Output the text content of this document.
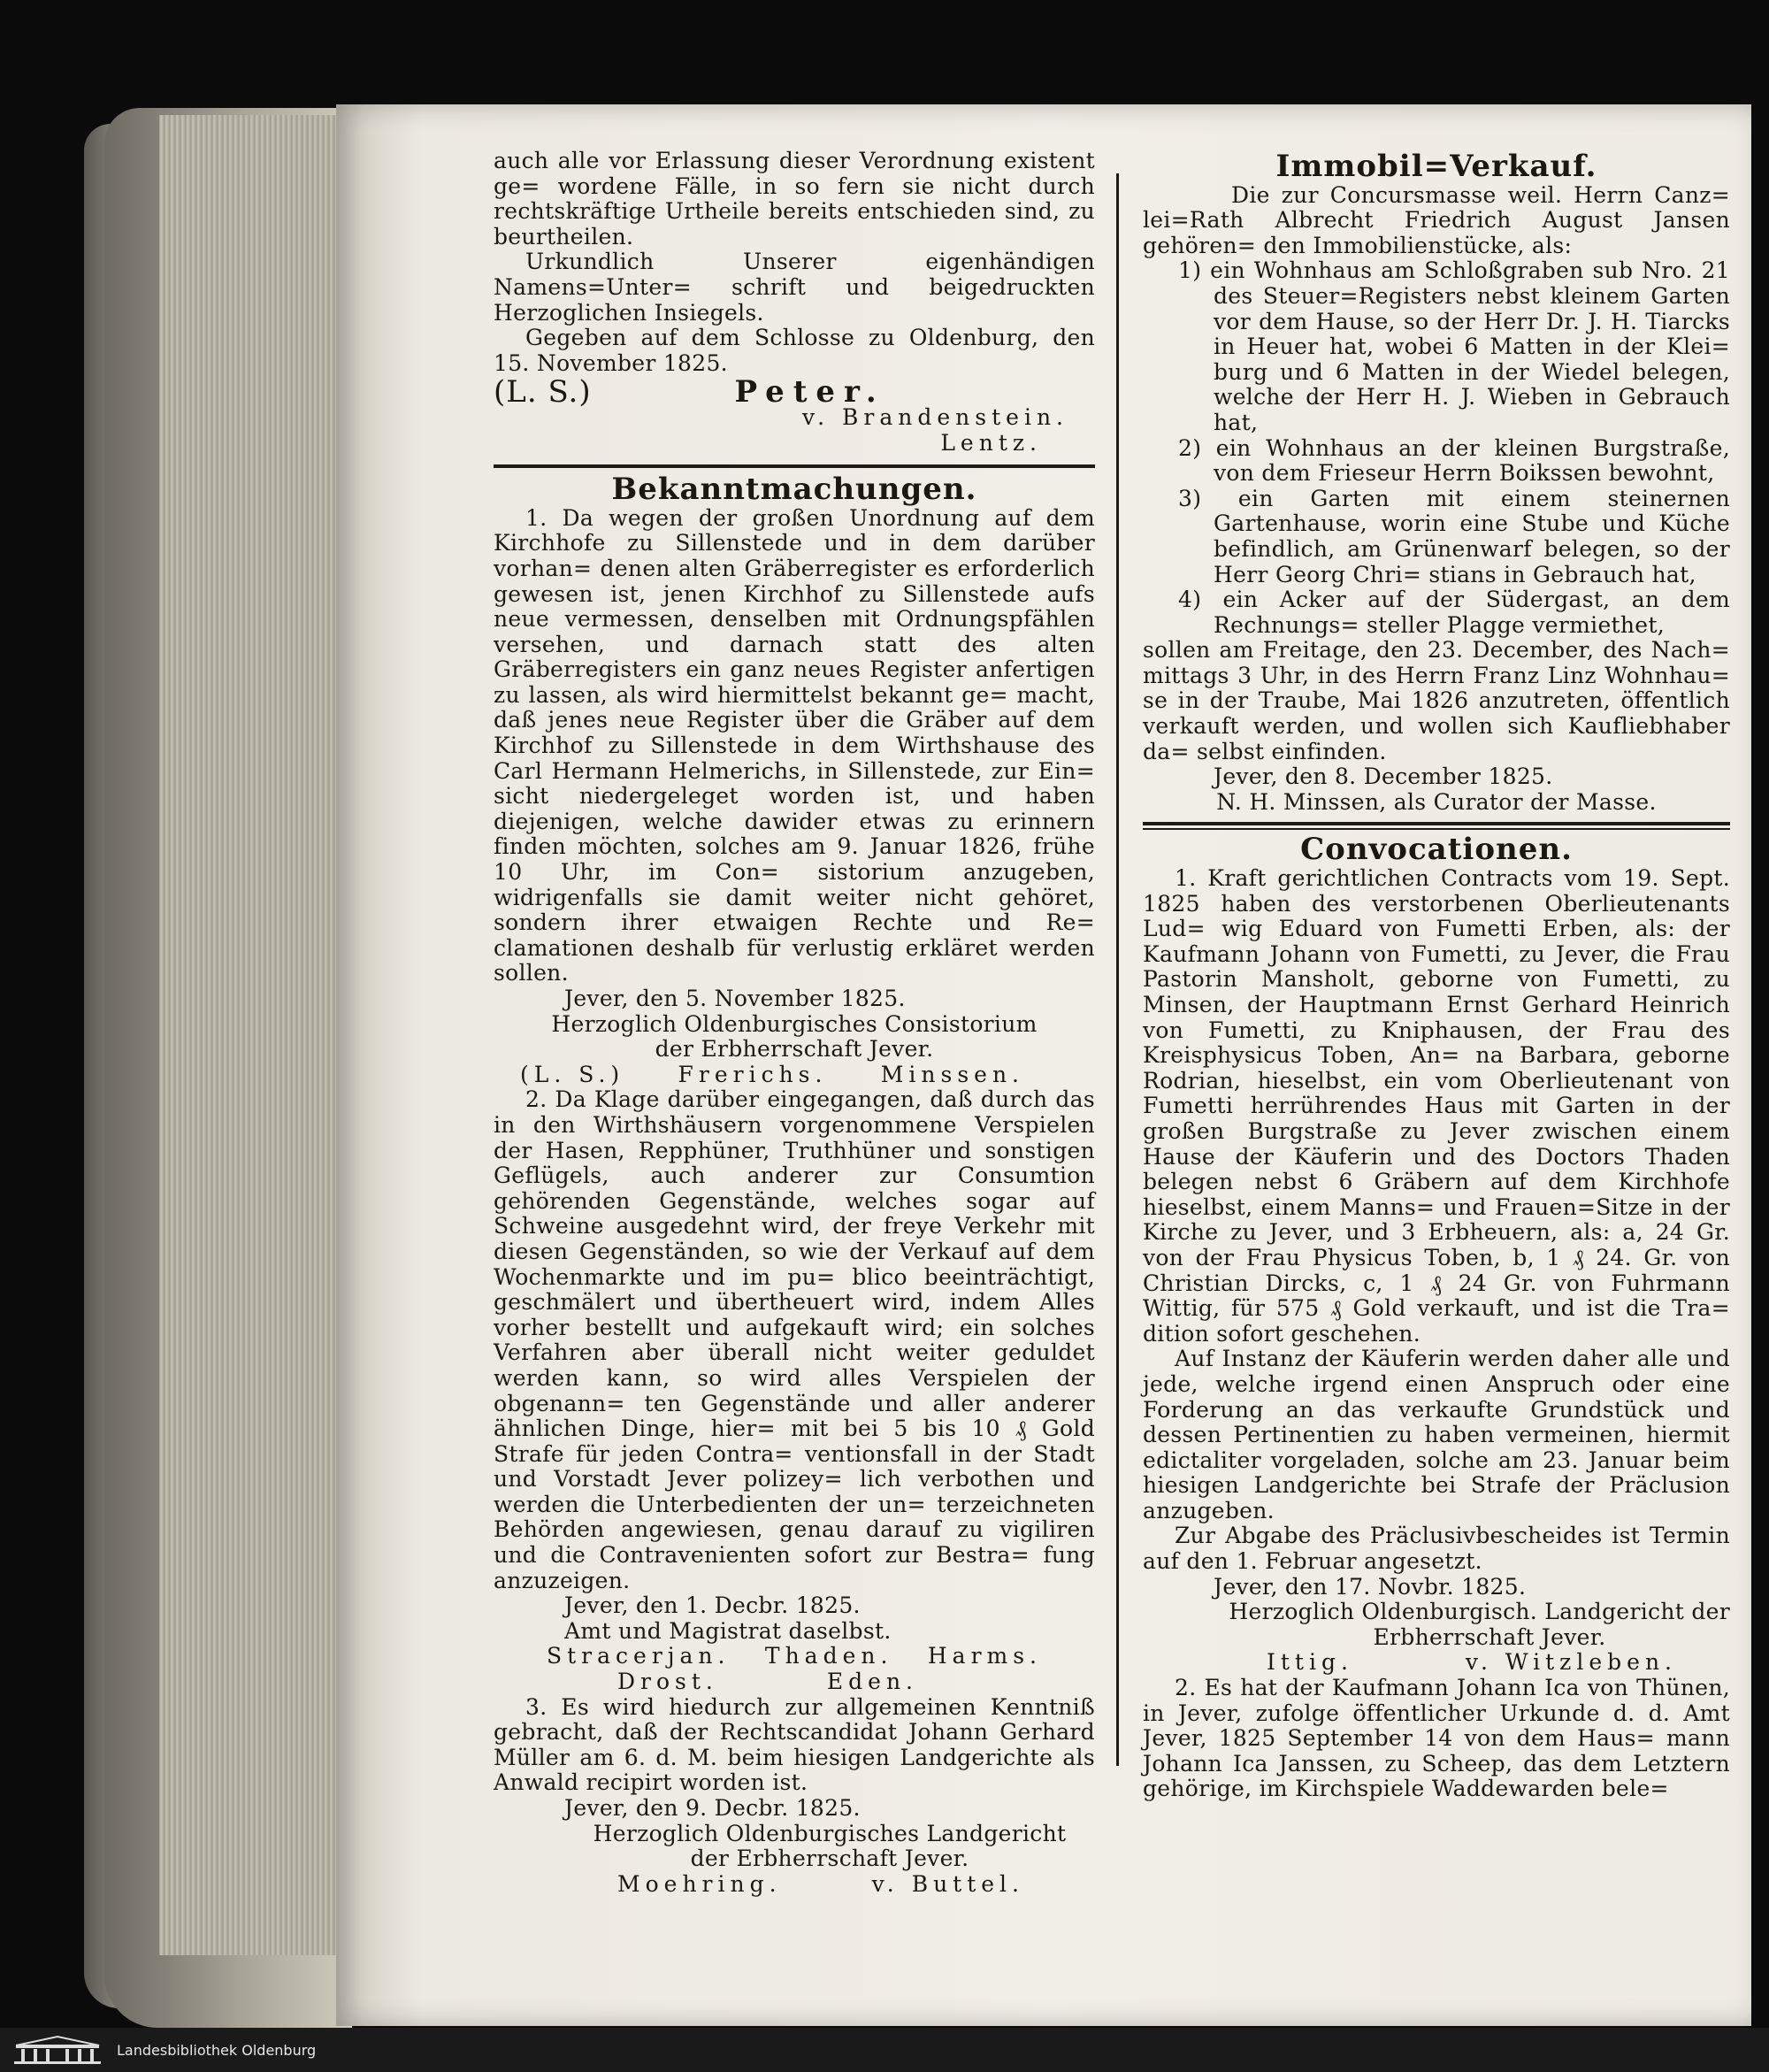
auch alle vor Erlassung dieser Verordnung existent ge= wordene Fälle, in so fern sie nicht durch rechtskräftige Urtheile bereits entschieden sind, zu beurtheilen.

Urkundlich Unserer eigenhändigen Namens=Unter= schrift und beigedruckten Herzoglichen Insiegels.

Gegeben auf dem Schlosse zu Oldenburg, den 15. November 1825.

(L. S.)	Peter.

v. Brandenstein.

Lentz.

Bekanntmachungen.

1. Da wegen der großen Unordnung auf dem Kirchhofe zu Sillenstede und in dem darüber vorhan= denen alten Gräberregister es erforderlich gewesen ist, jenen Kirchhof zu Sillenstede aufs neue vermessen, denselben mit Ordnungspfählen versehen, und darnach statt des alten Gräberregisters ein ganz neues Register anfertigen zu lassen, als wird hiermittelst bekannt ge= macht, daß jenes neue Register über die Gräber auf dem Kirchhof zu Sillenstede in dem Wirthshause des Carl Hermann Helmerichs, in Sillenstede, zur Ein= sicht niedergeleget worden ist, und haben diejenigen, welche dawider etwas zu erinnern finden möchten, solches am 9. Januar 1826, frühe 10 Uhr, im Con= sistorium anzugeben, widrigenfalls sie damit weiter nicht gehöret, sondern ihrer etwaigen Rechte und Re= clamationen deshalb für verlustig erkläret werden sollen.

Jever, den 5. November 1825.

Herzoglich Oldenburgisches Consistorium

der Erbherrschaft Jever.

(L. S.) Frerichs. Minssen.

2. Da Klage darüber eingegangen, daß durch das in den Wirthshäusern vorgenommene Verspielen der Hasen, Repphüner, Truthhüner und sonstigen Geflügels, auch anderer zur Consumtion gehörenden Gegenstände, welches sogar auf Schweine ausgedehnt wird, der freye Verkehr mit diesen Gegenständen, so wie der Verkauf auf dem Wochenmarkte und im pu= blico beeinträchtigt, geschmälert und übertheuert wird, indem Alles vorher bestellt und aufgekauft wird; ein solches Verfahren aber überall nicht weiter geduldet werden kann, so wird alles Verspielen der obgenann= ten Gegenstände und aller anderer ähnlichen Dinge, hier= mit bei 5 bis 10 ₰ Gold Strafe für jeden Contra= ventionsfall in der Stadt und Vorstadt Jever polizey= lich verbothen und werden die Unterbedienten der un= terzeichneten Behörden angewiesen, genau darauf zu vigiliren und die Contravenienten sofort zur Bestra= fung anzuzeigen.

Jever, den 1. Decbr. 1825.

Amt und Magistrat daselbst.

Stracerjan. Thaden. Harms.
Drost.	Eden.

3. Es wird hiedurch zur allgemeinen Kenntniß gebracht, daß der Rechtscandidat Johann Gerhard Müller am 6. d. M. beim hiesigen Landgerichte als Anwald recipirt worden ist.

Jever, den 9. Decbr. 1825.

Herzoglich Oldenburgisches Landgericht

der Erbherrschaft Jever.

Moehring.	v. Buttel.
Immobil=Verkauf.

Die zur Concursmasse weil. Herrn Canz= lei=Rath Albrecht Friedrich August Jansen gehören= den Immobilienstücke, als:

1) ein Wohnhaus am Schloßgraben sub Nro. 21 des Steuer=Registers nebst kleinem Garten vor dem Hause, so der Herr Dr. J. H. Tiarcks in Heuer hat, wobei 6 Matten in der Klei= burg und 6 Matten in der Wiedel belegen, welche der Herr H. J. Wieben in Gebrauch hat,

2) ein Wohnhaus an der kleinen Burgstraße, von dem Frieseur Herrn Boikssen bewohnt,

3) ein Garten mit einem steinernen Gartenhause, worin eine Stube und Küche befindlich, am Grünenwarf belegen, so der Herr Georg Chri= stians in Gebrauch hat,

4) ein Acker auf der Südergast, an dem Rechnungs= steller Plagge vermiethet,

sollen am Freitage, den 23. December, des Nach= mittags 3 Uhr, in des Herrn Franz Linz Wohnhau= se in der Traube, Mai 1826 anzutreten, öffentlich verkauft werden, und wollen sich Kaufliebhaber da= selbst einfinden.

Jever, den 8. December 1825.

N. H. Minssen, als Curator der Masse.

Convocationen.

1. Kraft gerichtlichen Contracts vom 19. Sept. 1825 haben des verstorbenen Oberlieutenants Lud= wig Eduard von Fumetti Erben, als: der Kaufmann Johann von Fumetti, zu Jever, die Frau Pastorin Mansholt, geborne von Fumetti, zu Minsen, der Hauptmann Ernst Gerhard Heinrich von Fumetti, zu Kniphausen, der Frau des Kreisphysicus Toben, An= na Barbara, geborne Rodrian, hieselbst, ein vom Oberlieutenant von Fumetti herrührendes Haus mit Garten in der großen Burgstraße zu Jever zwischen einem Hause der Käuferin und des Doctors Thaden belegen nebst 6 Gräbern auf dem Kirchhofe hieselbst, einem Manns= und Frauen=Sitze in der Kirche zu Jever, und 3 Erbheuern, als: a, 24 Gr. von der Frau Physicus Toben, b, 1 ₰ 24. Gr. von Christian Dircks, c, 1 ₰ 24 Gr. von Fuhrmann Wittig, für 575 ₰ Gold verkauft, und ist die Tra= dition sofort geschehen.

Auf Instanz der Käuferin werden daher alle und jede, welche irgend einen Anspruch oder eine Forderung an das verkaufte Grundstück und dessen Pertinentien zu haben vermeinen, hiermit edictaliter vorgeladen, solche am 23. Januar beim hiesigen Landgerichte bei Strafe der Präclusion anzugeben.

Zur Abgabe des Präclusivbescheides ist Termin auf den 1. Februar angesetzt.

Jever, den 17. Novbr. 1825.

Herzoglich Oldenburgisch. Landgericht der

Erbherrschaft Jever.

Ittig.	v. Witzleben.

2. Es hat der Kaufmann Johann Ica von Thünen, in Jever, zufolge öffentlicher Urkunde d. d. Amt Jever, 1825 September 14 von dem Haus= mann Johann Ica Janssen, zu Scheep, das dem Letztern gehörige, im Kirchspiele Waddewarden bele=

Landesbibliothek Oldenburg
